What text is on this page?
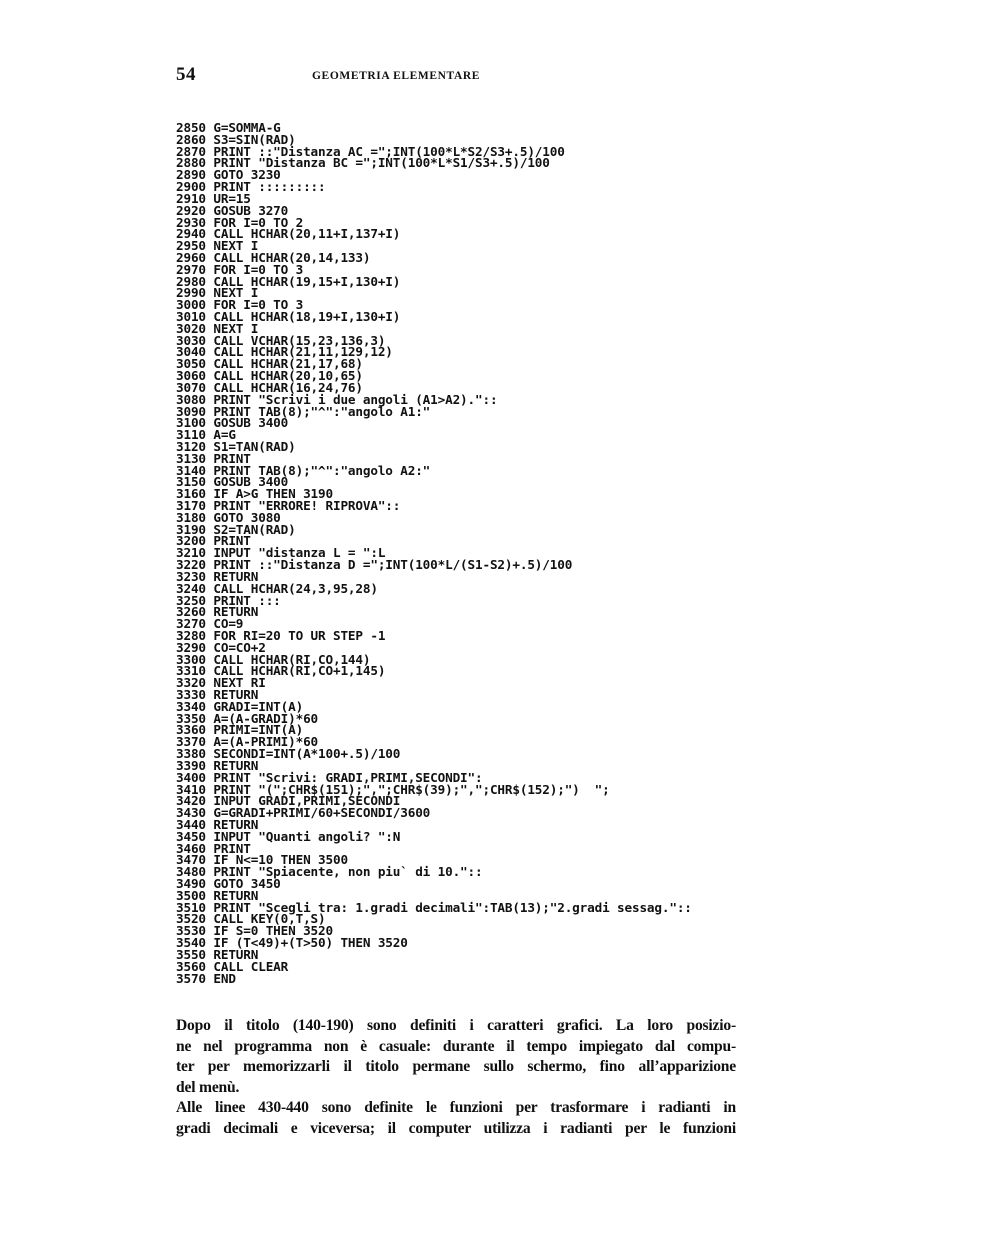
54	GEOMETRIA ELEMENTARE
2850 G=SOMMA-G
2860 S3=SIN(RAD)
2870 PRINT ::"Distanza AC =";INT(100*L*S2/S3+.5)/100
2880 PRINT "Distanza BC =";INT(100*L*S1/S3+.5)/100
2890 GOTO 3230
2900 PRINT :::::::::
2910 UR=15
2920 GOSUB 3270
2930 FOR I=0 TO 2
2940 CALL HCHAR(20,11+I,137+I)
2950 NEXT I
2960 CALL HCHAR(20,14,133)
2970 FOR I=0 TO 3
2980 CALL HCHAR(19,15+I,130+I)
2990 NEXT I
3000 FOR I=0 TO 3
3010 CALL HCHAR(18,19+I,130+I)
3020 NEXT I
3030 CALL VCHAR(15,23,136,3)
3040 CALL HCHAR(21,11,129,12)
3050 CALL HCHAR(21,17,68)
3060 CALL HCHAR(20,10,65)
3070 CALL HCHAR(16,24,76)
3080 PRINT "Scrivi i due angoli (A1>A2)."::
3090 PRINT TAB(8);"^":"angolo A1:"
3100 GOSUB 3400
3110 A=G
3120 S1=TAN(RAD)
3130 PRINT
3140 PRINT TAB(8);"^":"angolo A2:"
3150 GOSUB 3400
3160 IF A>G THEN 3190
3170 PRINT "ERRORE! RIPROVA"::
3180 GOTO 3080
3190 S2=TAN(RAD)
3200 PRINT
3210 INPUT "distanza L = ":L
3220 PRINT ::"Distanza D =";INT(100*L/(S1-S2)+.5)/100
3230 RETURN
3240 CALL HCHAR(24,3,95,28)
3250 PRINT :::
3260 RETURN
3270 CO=9
3280 FOR RI=20 TO UR STEP -1
3290 CO=CO+2
3300 CALL HCHAR(RI,CO,144)
3310 CALL HCHAR(RI,CO+1,145)
3320 NEXT RI
3330 RETURN
3340 GRADI=INT(A)
3350 A=(A-GRADI)*60
3360 PRIMI=INT(A)
3370 A=(A-PRIMI)*60
3380 SECONDI=INT(A*100+.5)/100
3390 RETURN
3400 PRINT "Scrivi: GRADI,PRIMI,SECONDI":
3410 PRINT "(";CHR$(151);",";CHR$(39);",";CHR$(152);")  ";
3420 INPUT GRADI,PRIMI,SECONDI
3430 G=GRADI+PRIMI/60+SECONDI/3600
3440 RETURN
3450 INPUT "Quanti angoli? ":N
3460 PRINT
3470 IF N<=10 THEN 3500
3480 PRINT "Spiacente, non piu` di 10."::
3490 GOTO 3450
3500 RETURN
3510 PRINT "Scegli tra: 1.gradi decimali":TAB(13);"2.gradi sessag."::
3520 CALL KEY(0,T,S)
3530 IF S=0 THEN 3520
3540 IF (T<49)+(T>50) THEN 3520
3550 RETURN
3560 CALL CLEAR
3570 END

Dopo il titolo (140-190) sono definiti i caratteri grafici. La loro posizio-
ne nel programma non è casuale: durante il tempo impiegato dal compu-
ter per memorizzarli il titolo permane sullo schermo, fino all’apparizione
del menù.

Alle linee 430-440 sono definite le funzioni per trasformare i radianti in
gradi decimali e viceversa; il computer utilizza i radianti per le funzioni
